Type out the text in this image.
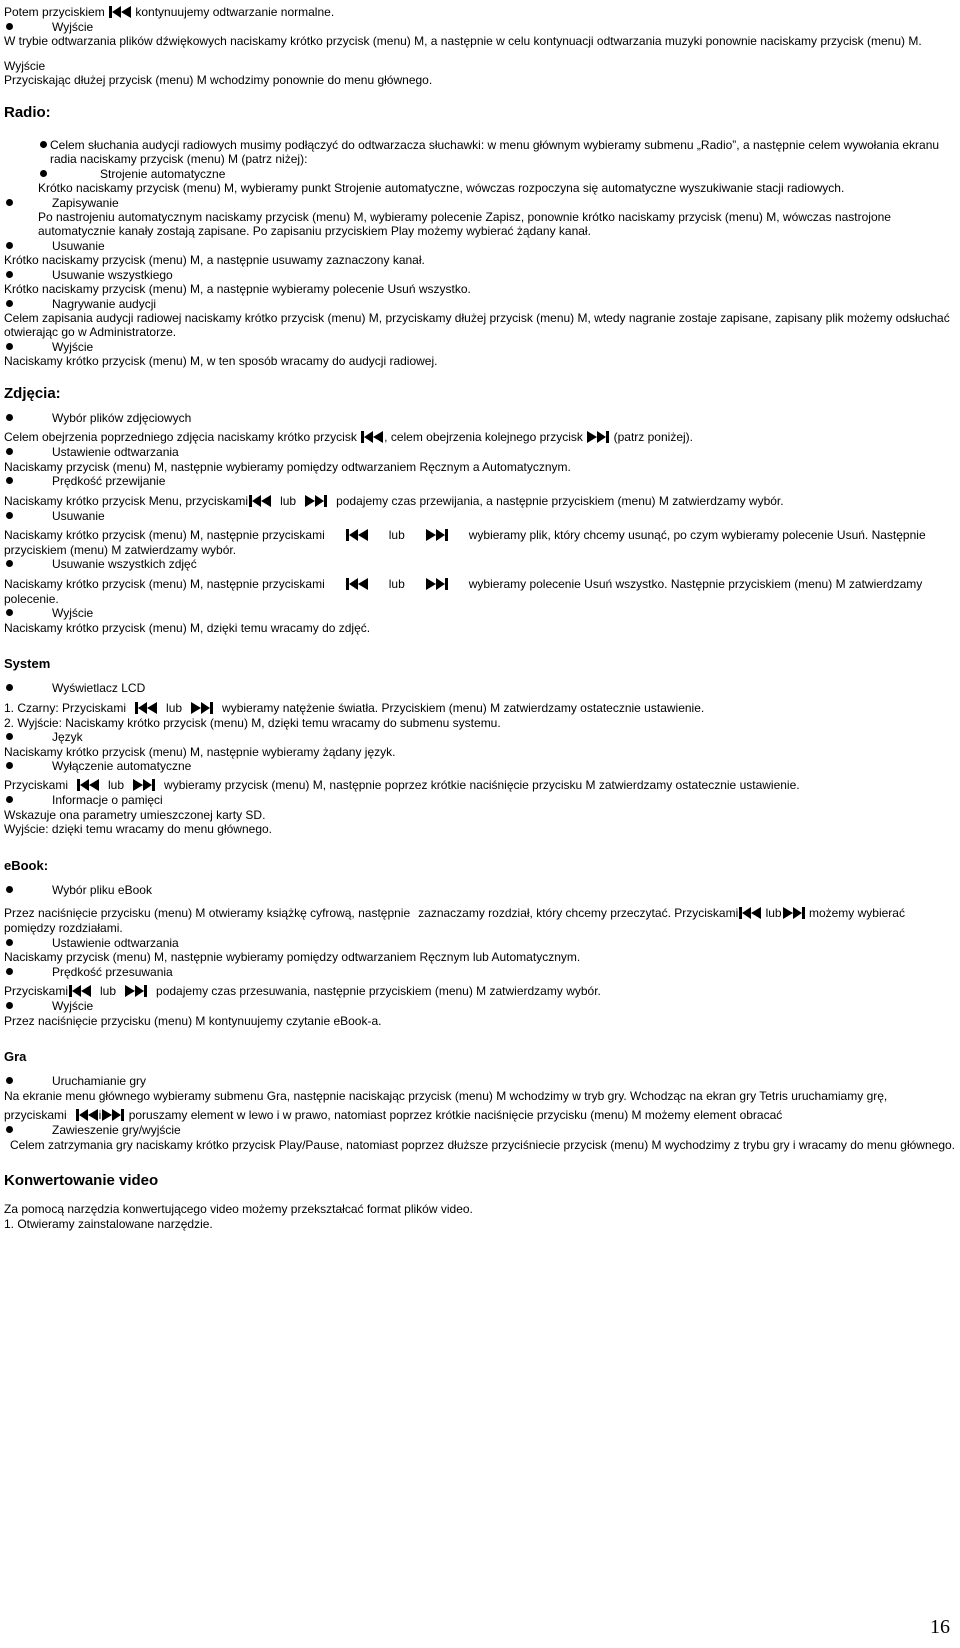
Potem przyciskiem	kontynuujemy odtwarzanie normalne.

Wyjście

W trybie odtwarzania plików dźwiękowych naciskamy krótko przycisk (menu) M, a następnie w celu kontynuacji odtwarzania muzyki ponownie naciskamy przycisk (menu) M.

Wyjście

Przyciskając dłużej przycisk (menu) M wchodzimy ponownie do menu głównego.

Radio:

Celem słuchania audycji radiowych musimy podłączyć do odtwarzacza słuchawki: w menu głównym wybieramy submenu „Radio”, a następnie celem wywołania ekranu radia naciskamy przycisk (menu) M (patrz niżej):

Strojenie automatyczne

Krótko naciskamy przycisk (menu) M, wybieramy punkt Strojenie automatyczne, wówczas rozpoczyna się automatyczne wyszukiwanie stacji radiowych.

Zapisywanie

Po nastrojeniu automatycznym naciskamy przycisk (menu) M, wybieramy polecenie Zapisz, ponownie krótko naciskamy przycisk (menu) M, wówczas nastrojone automatycznie kanały zostają zapisane. Po zapisaniu przyciskiem Play możemy wybierać żądany kanał.

Usuwanie

Krótko naciskamy przycisk (menu) M, a następnie usuwamy zaznaczony kanał.

Usuwanie wszystkiego

Krótko naciskamy przycisk (menu) M, a następnie wybieramy polecenie Usuń wszystko.

Nagrywanie audycji

Celem zapisania audycji radiowej naciskamy krótko przycisk (menu) M, przyciskamy dłużej przycisk (menu) M, wtedy nagranie zostaje zapisane, zapisany plik możemy odsłuchać otwierając go w Administratorze.

Wyjście

Naciskamy krótko przycisk (menu) M, w ten sposób wracamy do audycji radiowej.

Zdjęcia:

Wybór plików zdjęciowych

Celem obejrzenia poprzedniego zdjęcia naciskamy krótko przycisk , celem obejrzenia kolejnego przycisk	(patrz poniżej).

Ustawienie odtwarzania

Naciskamy przycisk (menu) M, następnie wybieramy pomiędzy odtwarzaniem Ręcznym a Automatycznym.

Prędkość przewijanie

Naciskamy krótko przycisk Menu, przyciskami	lub	podajemy czas przewijania, a następnie przyciskiem (menu) M zatwierdzamy wybór.

Usuwanie

Naciskamy krótko przycisk (menu) M, następnie przyciskami	lub	wybieramy plik, który chcemy usunąć, po czym wybieramy polecenie Usuń. Następnie przyciskiem (menu) M zatwierdzamy wybór.

Usuwanie wszystkich zdjęć

Naciskamy krótko przycisk (menu) M, następnie przyciskami	lub	wybieramy polecenie Usuń wszystko. Następnie przyciskiem (menu) M zatwierdzamy polecenie.

Wyjście

Naciskamy krótko przycisk (menu) M, dzięki temu wracamy do zdjęć.

System

Wyświetlacz LCD

1. Czarny: Przyciskami	lub	wybieramy natężenie światła. Przyciskiem (menu) M zatwierdzamy ostatecznie ustawienie.

2. Wyjście: Naciskamy krótko przycisk (menu) M, dzięki temu wracamy do submenu systemu.

Język

Naciskamy krótko przycisk (menu) M, następnie wybieramy żądany język.

Wyłączenie automatyczne

Przyciskami	lub	wybieramy przycisk (menu) M, następnie poprzez krótkie naciśnięcie przycisku M zatwierdzamy ostatecznie ustawienie.

Informacje o pamięci

Wskazuje ona parametry umieszczonej karty SD.

Wyjście: dzięki temu wracamy do menu głównego.

eBook:

Wybór pliku eBook

Przez naciśnięcie przycisku (menu) M otwieramy książkę cyfrową, następnie zaznaczamy rozdział, który chcemy przeczytać. Przyciskami lub możemy wybierać pomiędzy rozdziałami.

Ustawienie odtwarzania

Naciskamy przycisk (menu) M, następnie wybieramy pomiędzy odtwarzaniem Ręcznym lub Automatycznym.

Prędkość przesuwania

Przyciskami	lub	podajemy czas przesuwania, następnie przyciskiem (menu) M zatwierdzamy wybór.

Wyjście

Przez naciśnięcie przycisku (menu) M kontynuujemy czytanie eBook-a.

Gra

Uruchamianie gry

Na ekranie menu głównego wybieramy submenu Gra, następnie naciskając przycisk (menu) M wchodzimy w tryb gry. Wchodząc na ekran gry Tetris uruchamiamy grę,

przyciskami	i poruszamy element w lewo i w prawo, natomiast poprzez krótkie naciśnięcie przycisku (menu) M możemy element obracać

Zawieszenie gry/wyjście

Celem zatrzymania gry naciskamy krótko przycisk Play/Pause, natomiast poprzez dłuższe przyciśniecie przycisk (menu) M wychodzimy z trybu gry i wracamy do menu głównego.

Konwertowanie video

Za pomocą narzędzia konwertującego video możemy przekształcać format plików video.

1. Otwieramy zainstalowane narzędzie.

16
